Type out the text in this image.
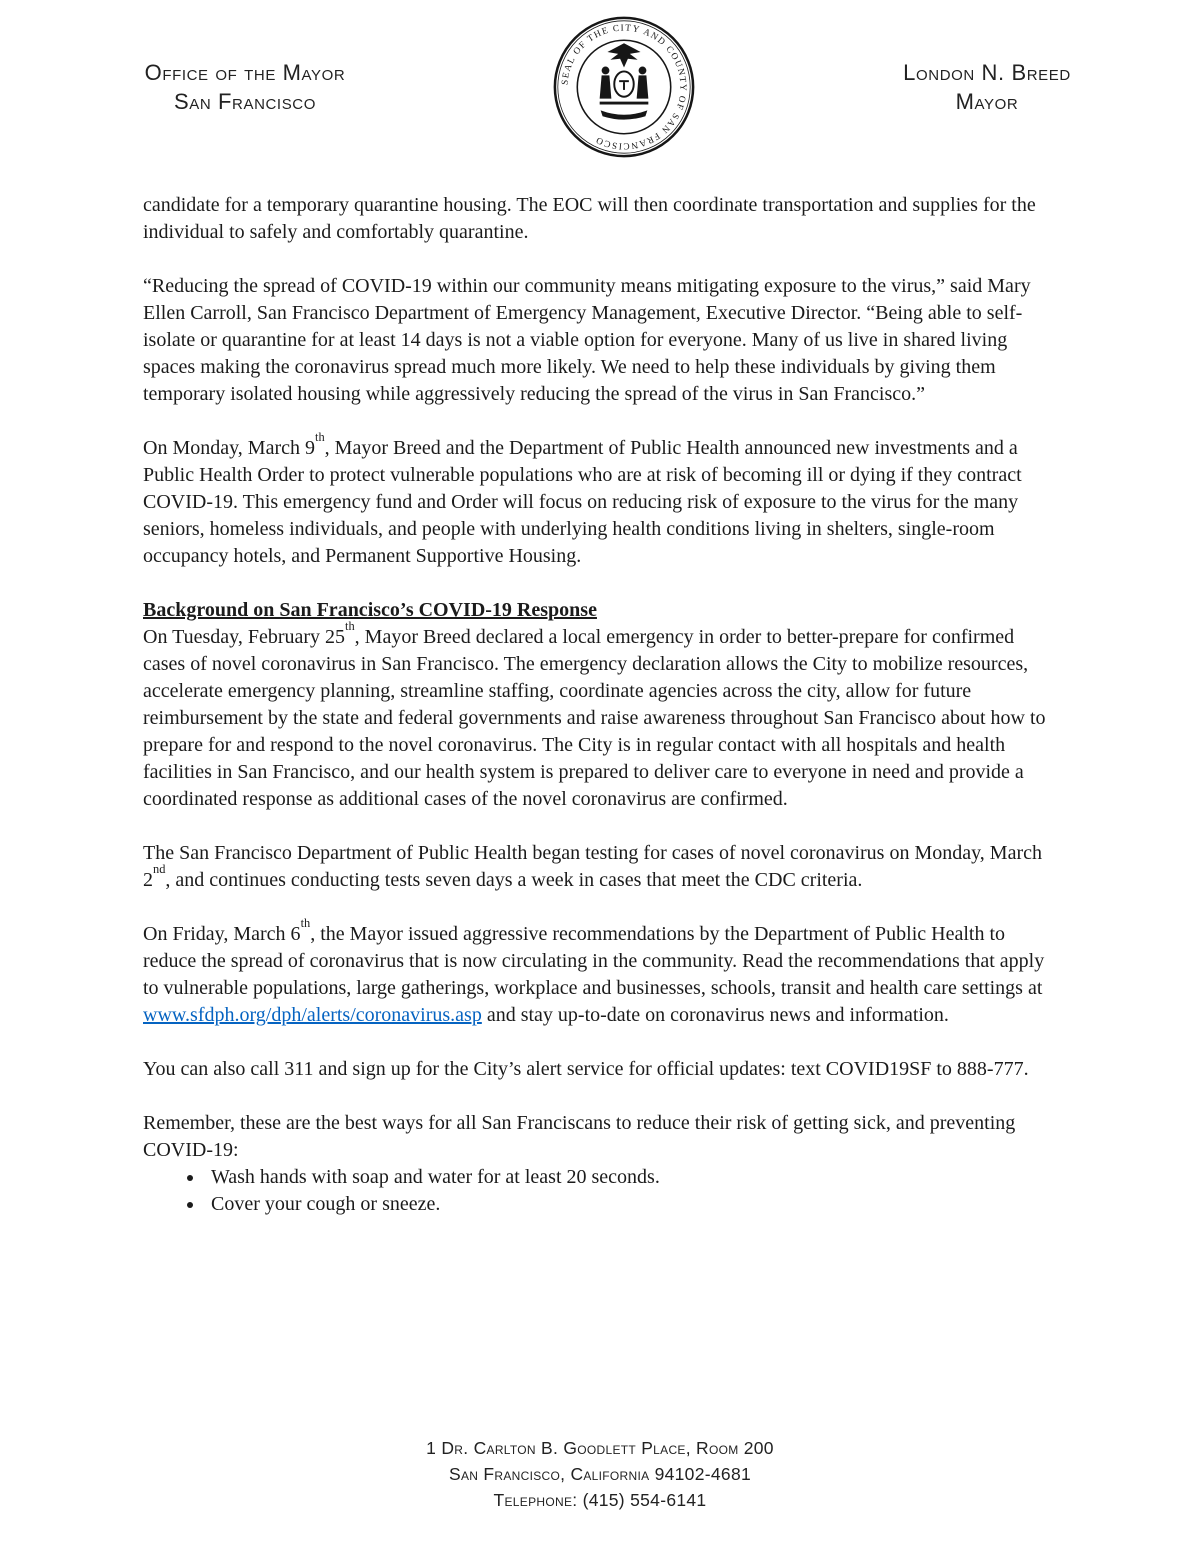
Office of the Mayor
San Francisco
SEAL OF THE CITY AND COUNTY OF SAN FRANCISCO
London N. Breed
Mayor

candidate for a temporary quarantine housing. The EOC will then coordinate transportation and supplies for the individual to safely and comfortably quarantine.

“Reducing the spread of COVID-19 within our community means mitigating exposure to the virus,” said Mary Ellen Carroll, San Francisco Department of Emergency Management, Executive Director. “Being able to self-isolate or quarantine for at least 14 days is not a viable option for everyone. Many of us live in shared living spaces making the coronavirus spread much more likely. We need to help these individuals by giving them temporary isolated housing while aggressively reducing the spread of the virus in San Francisco.”

On Monday, March 9th, Mayor Breed and the Department of Public Health announced new investments and a Public Health Order to protect vulnerable populations who are at risk of becoming ill or dying if they contract COVID-19. This emergency fund and Order will focus on reducing risk of exposure to the virus for the many seniors, homeless individuals, and people with underlying health conditions living in shelters, single-room occupancy hotels, and Permanent Supportive Housing.

Background on San Francisco’s COVID-19 Response

On Tuesday, February 25th, Mayor Breed declared a local emergency in order to better-prepare for confirmed cases of novel coronavirus in San Francisco. The emergency declaration allows the City to mobilize resources, accelerate emergency planning, streamline staffing, coordinate agencies across the city, allow for future reimbursement by the state and federal governments and raise awareness throughout San Francisco about how to prepare for and respond to the novel coronavirus. The City is in regular contact with all hospitals and health facilities in San Francisco, and our health system is prepared to deliver care to everyone in need and provide a coordinated response as additional cases of the novel coronavirus are confirmed.

The San Francisco Department of Public Health began testing for cases of novel coronavirus on Monday, March 2nd, and continues conducting tests seven days a week in cases that meet the CDC criteria.

On Friday, March 6th, the Mayor issued aggressive recommendations by the Department of Public Health to reduce the spread of coronavirus that is now circulating in the community. Read the recommendations that apply to vulnerable populations, large gatherings, workplace and businesses, schools, transit and health care settings at www.sfdph.org/dph/alerts/coronavirus.asp and stay up-to-date on coronavirus news and information.

You can also call 311 and sign up for the City’s alert service for official updates: text COVID19SF to 888-777.

Remember, these are the best ways for all San Franciscans to reduce their risk of getting sick, and preventing COVID-19:

• Wash hands with soap and water for at least 20 seconds.
• Cover your cough or sneeze.
1 Dr. Carlton B. Goodlett Place, Room 200
San Francisco, California 94102-4681
Telephone: (415) 554-6141
